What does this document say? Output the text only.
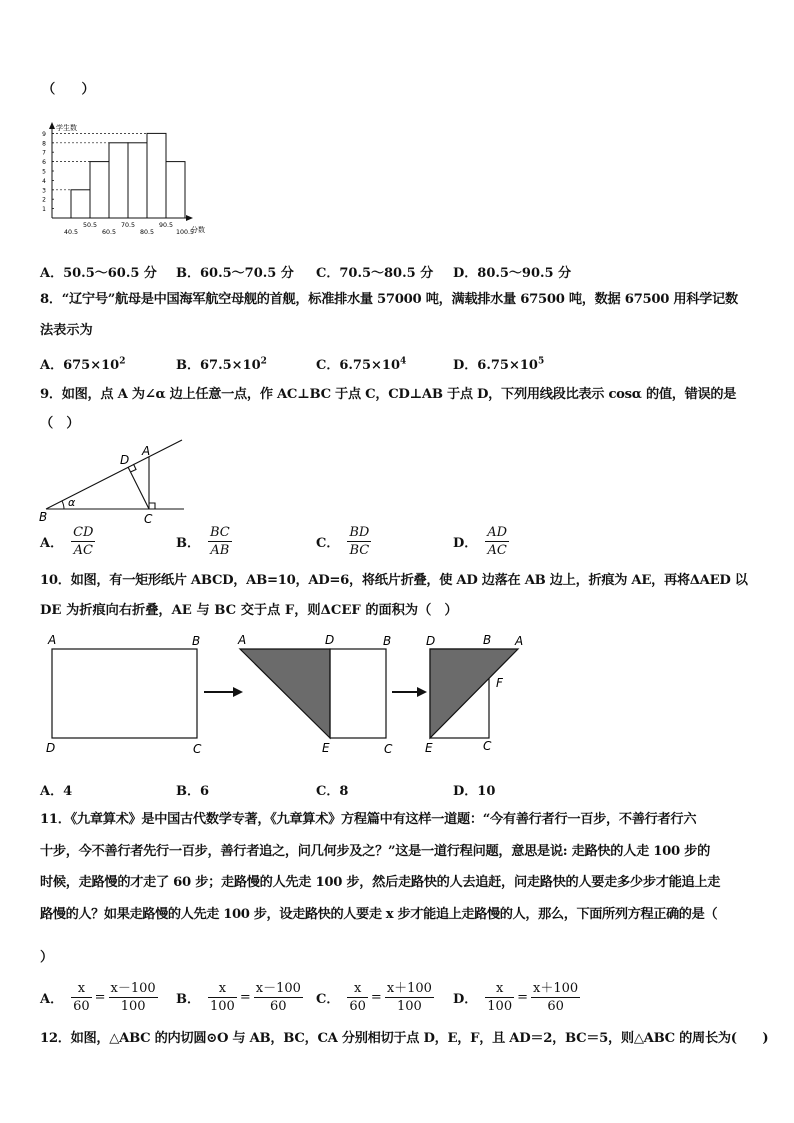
（　　）
学生数
分数
1
2
3
4
5
6
7
8
9
40.5	60.5	80.5	100.5
50.5	70.5	90.5
A．50.5～60.5 分 B．60.5～70.5 分 C．70.5～80.5 分 D．80.5～90.5 分
8．“辽宁号”航母是中国海军航空母舰的首舰，标准排水量 57000 吨，满载排水量 67500 吨，数据 67500 用科学记数
法表示为
A．$675\times 10^2$	B．$67.5\times 10^2$	C．$6.75\times 10^4$	D．$6.75\times 10^5$
9．如图，点 A 为∠α 边上任意一点，作 AC⊥BC 于点 C，CD⊥AB 于点 D，下列用线段比表示 cosα 的值，错误的是
（　）
B	C
D
A
α
A． $\frac{CD}{AC}$	B． $\frac{BC}{AB}$	C． $\frac{BD}{BC}$	D． $\frac{AD}{AC}$
10．如图，有一矩形纸片 ABCD，AB=10，AD=6，将纸片折叠，使 AD 边落在 AB 边上，折痕为 AE，再将ΔAED 以
DE 为折痕向右折叠，AE 与 BC 交于点 F，则ΔCEF 的面积为（　）
A	B
D	C
A	D	B
E	C
D	B A
F
E	C
A．4	B．6	C．8	D．10
11．《九章算术》是中国古代数学专著，《九章算术》方程篇中有这样一道题：“今有善行者行一百步，不善行者行六
十步，今不善行者先行一百步，善行者追之，问几何步及之？”这是一道行程问题，意思是说: 走路快的人走 100 步的
时候，走路慢的才走了 60 步；走路慢的人先走 100 步，然后走路快的人去追赶，问走路快的人要走多少步才能追上走
路慢的人？如果走路慢的人先走 100 步，设走路快的人要走 x 步才能追上走路慢的人，那么，下面所列方程正确的是（
）
A． $\frac{x}{60} = \frac{x-100}{100}$ B． $\frac{x}{100} = \frac{x-100}{60}$ C． $\frac{x}{60} = \frac{x+100}{100}$ D． $\frac{x}{100} = \frac{x+100}{60}$
12．如图，△ABC 的内切圆⊙O 与 AB，BC，CA 分别相切于点 D，E，F，且 AD＝2，BC＝5，则△ABC 的周长为(　　)
